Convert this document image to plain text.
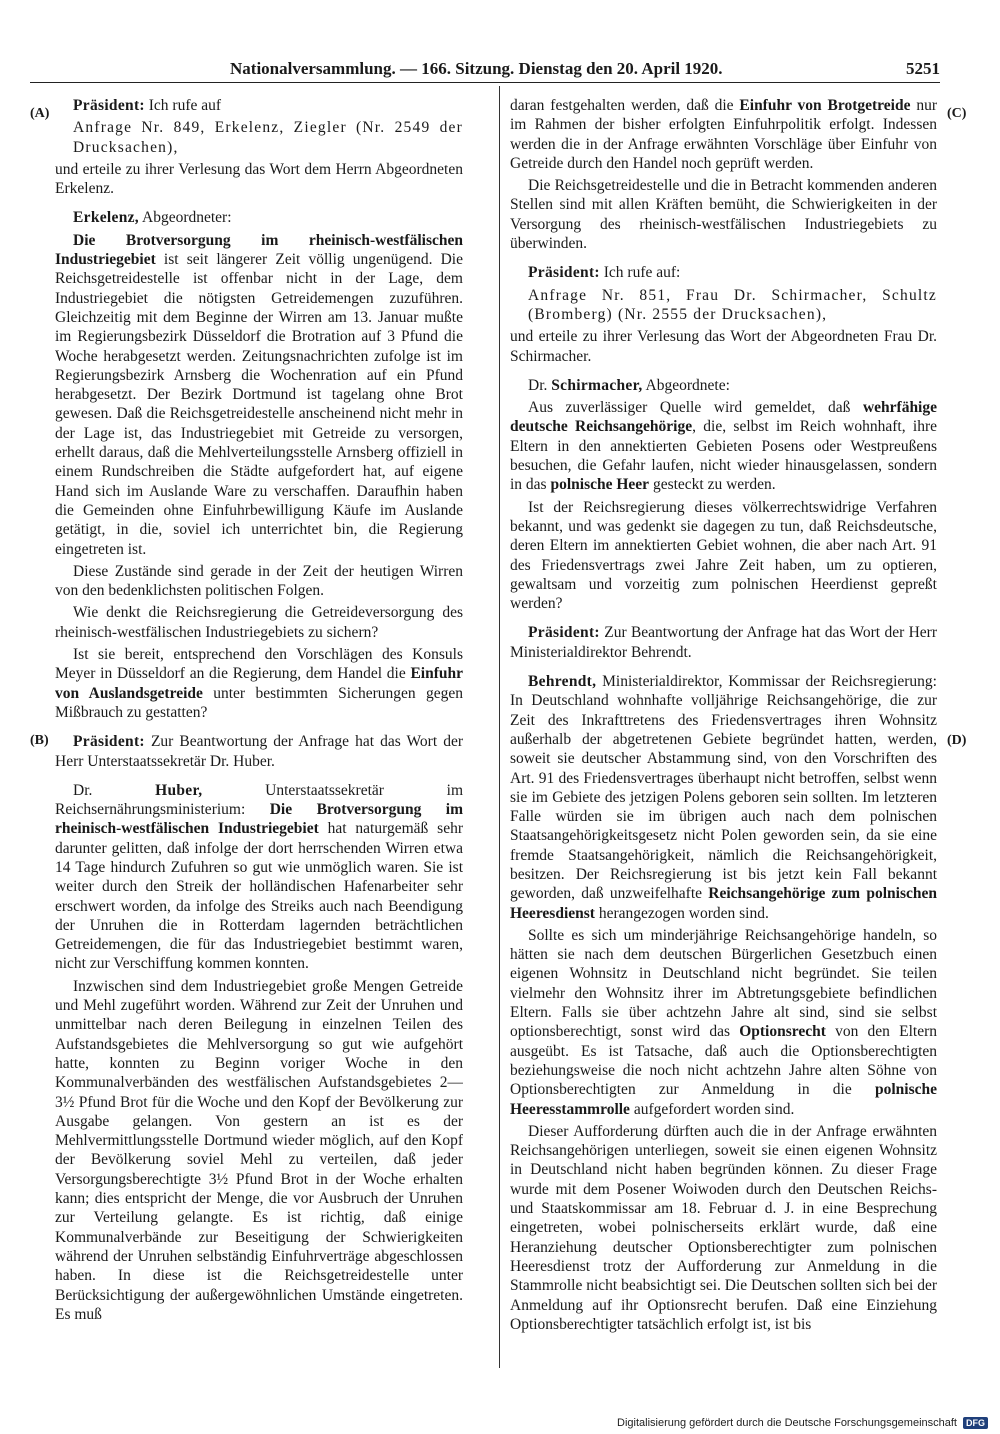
Nationalversammlung. — 166. Sitzung. Dienstag den 20. April 1920.	5251
(A)
(B)
(C)
(D)

Präsident: Ich rufe auf

Anfrage Nr. 849, Erkelenz, Ziegler (Nr. 2549 der Drucksachen),

und erteile zu ihrer Verlesung das Wort dem Herrn Abgeordneten Erkelenz.

Erkelenz, Abgeordneter:

Die Brotversorgung im rheinisch-westfälischen Industriegebiet ist seit längerer Zeit völlig ungenügend. Die Reichsgetreidestelle ist offenbar nicht in der Lage, dem Industriegebiet die nötigsten Getreidemengen zuzuführen. Gleichzeitig mit dem Beginne der Wirren am 13. Januar mußte im Regierungsbezirk Düsseldorf die Brotration auf 3 Pfund die Woche herabgesetzt werden. Zeitungsnachrichten zufolge ist im Regierungsbezirk Arnsberg die Wochenration auf ein Pfund herabgesetzt. Der Bezirk Dortmund ist tagelang ohne Brot gewesen. Daß die Reichsgetreidestelle anscheinend nicht mehr in der Lage ist, das Industriegebiet mit Getreide zu versorgen, erhellt daraus, daß die Mehlverteilungsstelle Arnsberg offiziell in einem Rundschreiben die Städte aufgefordert hat, auf eigene Hand sich im Auslande Ware zu verschaffen. Daraufhin haben die Gemeinden ohne Einfuhrbewilligung Käufe im Auslande getätigt, in die, soviel ich unterrichtet bin, die Regierung eingetreten ist.

Diese Zustände sind gerade in der Zeit der heutigen Wirren von den bedenklichsten politischen Folgen.

Wie denkt die Reichsregierung die Getreideversorgung des rheinisch-westfälischen Industriegebiets zu sichern?

Ist sie bereit, entsprechend den Vorschlägen des Konsuls Meyer in Düsseldorf an die Regierung, dem Handel die Einfuhr von Auslandsgetreide unter bestimmten Sicherungen gegen Mißbrauch zu gestatten?

Präsident: Zur Beantwortung der Anfrage hat das Wort der Herr Unterstaatssekretär Dr. Huber.

Dr. Huber, Unterstaatssekretär im Reichsernährungsministerium: Die Brotversorgung im rheinisch-westfälischen Industriegebiet hat naturgemäß sehr darunter gelitten, daß infolge der dort herrschenden Wirren etwa 14 Tage hindurch Zufuhren so gut wie unmöglich waren. Sie ist weiter durch den Streik der holländischen Hafenarbeiter sehr erschwert worden, da infolge des Streiks auch nach Beendigung der Unruhen die in Rotterdam lagernden beträchtlichen Getreidemengen, die für das Industriegebiet bestimmt waren, nicht zur Verschiffung kommen konnten.

Inzwischen sind dem Industriegebiet große Mengen Getreide und Mehl zugeführt worden. Während zur Zeit der Unruhen und unmittelbar nach deren Beilegung in einzelnen Teilen des Aufstandsgebietes die Mehlversorgung so gut wie aufgehört hatte, konnten zu Beginn voriger Woche in den Kommunalverbänden des westfälischen Aufstandsgebietes 2—3½ Pfund Brot für die Woche und den Kopf der Bevölkerung zur Ausgabe gelangen. Von gestern an ist es der Mehlvermittlungsstelle Dortmund wieder möglich, auf den Kopf der Bevölkerung soviel Mehl zu verteilen, daß jeder Versorgungsberechtigte 3½ Pfund Brot in der Woche erhalten kann; dies entspricht der Menge, die vor Ausbruch der Unruhen zur Verteilung gelangte. Es ist richtig, daß einige Kommunalverbände zur Beseitigung der Schwierigkeiten während der Unruhen selbständig Einfuhrverträge abgeschlossen haben. In diese ist die Reichsgetreidestelle unter Berücksichtigung der außergewöhnlichen Umstände eingetreten. Es muß

daran festgehalten werden, daß die Einfuhr von Brotgetreide nur im Rahmen der bisher erfolgten Einfuhrpolitik erfolgt. Indessen werden die in der Anfrage erwähnten Vorschläge über Einfuhr von Getreide durch den Handel noch geprüft werden.

Die Reichsgetreidestelle und die in Betracht kommenden anderen Stellen sind mit allen Kräften bemüht, die Schwierigkeiten in der Versorgung des rheinisch-westfälischen Industriegebiets zu überwinden.

Präsident: Ich rufe auf:

Anfrage Nr. 851, Frau Dr. Schirmacher, Schultz (Bromberg) (Nr. 2555 der Drucksachen),

und erteile zu ihrer Verlesung das Wort der Abgeordneten Frau Dr. Schirmacher.

Dr. Schirmacher, Abgeordnete:

Aus zuverlässiger Quelle wird gemeldet, daß wehrfähige deutsche Reichsangehörige, die, selbst im Reich wohnhaft, ihre Eltern in den annektierten Gebieten Posens oder Westpreußens besuchen, die Gefahr laufen, nicht wieder hinausgelassen, sondern in das polnische Heer gesteckt zu werden.

Ist der Reichsregierung dieses völkerrechtswidrige Verfahren bekannt, und was gedenkt sie dagegen zu tun, daß Reichsdeutsche, deren Eltern im annektierten Gebiet wohnen, die aber nach Art. 91 des Friedensvertrags zwei Jahre Zeit haben, um zu optieren, gewaltsam und vorzeitig zum polnischen Heerdienst gepreßt werden?

Präsident: Zur Beantwortung der Anfrage hat das Wort der Herr Ministerialdirektor Behrendt.

Behrendt, Ministerialdirektor, Kommissar der Reichsregierung: In Deutschland wohnhafte volljährige Reichsangehörige, die zur Zeit des Inkrafttretens des Friedensvertrages ihren Wohnsitz außerhalb der abgetretenen Gebiete begründet hatten, werden, soweit sie deutscher Abstammung sind, von den Vorschriften des Art. 91 des Friedensvertrages überhaupt nicht betroffen, selbst wenn sie im Gebiete des jetzigen Polens geboren sein sollten. Im letzteren Falle würden sie im übrigen auch nach dem polnischen Staatsangehörigkeitsgesetz nicht Polen geworden sein, da sie eine fremde Staatsangehörigkeit, nämlich die Reichsangehörigkeit, besitzen. Der Reichsregierung ist bis jetzt kein Fall bekannt geworden, daß unzweifelhafte Reichsangehörige zum polnischen Heeresdienst herangezogen worden sind.

Sollte es sich um minderjährige Reichsangehörige handeln, so hätten sie nach dem deutschen Bürgerlichen Gesetzbuch einen eigenen Wohnsitz in Deutschland nicht begründet. Sie teilen vielmehr den Wohnsitz ihrer im Abtretungsgebiete befindlichen Eltern. Falls sie über achtzehn Jahre alt sind, sind sie selbst optionsberechtigt, sonst wird das Optionsrecht von den Eltern ausgeübt. Es ist Tatsache, daß auch die Optionsberechtigten beziehungsweise die noch nicht achtzehn Jahre alten Söhne von Optionsberechtigten zur Anmeldung in die polnische Heeresstammrolle aufgefordert worden sind.

Dieser Aufforderung dürften auch die in der Anfrage erwähnten Reichsangehörigen unterliegen, soweit sie einen eigenen Wohnsitz in Deutschland nicht haben begründen können. Zu dieser Frage wurde mit dem Posener Woiwoden durch den Deutschen Reichs- und Staatskommissar am 18. Februar d. J. in eine Besprechung eingetreten, wobei polnischerseits erklärt wurde, daß eine Heranziehung deutscher Optionsberechtigter zum polnischen Heeresdienst trotz der Aufforderung zur Anmeldung in die Stammrolle nicht beabsichtigt sei. Die Deutschen sollten sich bei der Anmeldung auf ihr Optionsrecht berufen. Daß eine Einziehung Optionsberechtigter tatsächlich erfolgt ist, ist bis

Digitalisierung gefördert durch die Deutsche Forschungsgemeinschaft	DFG
